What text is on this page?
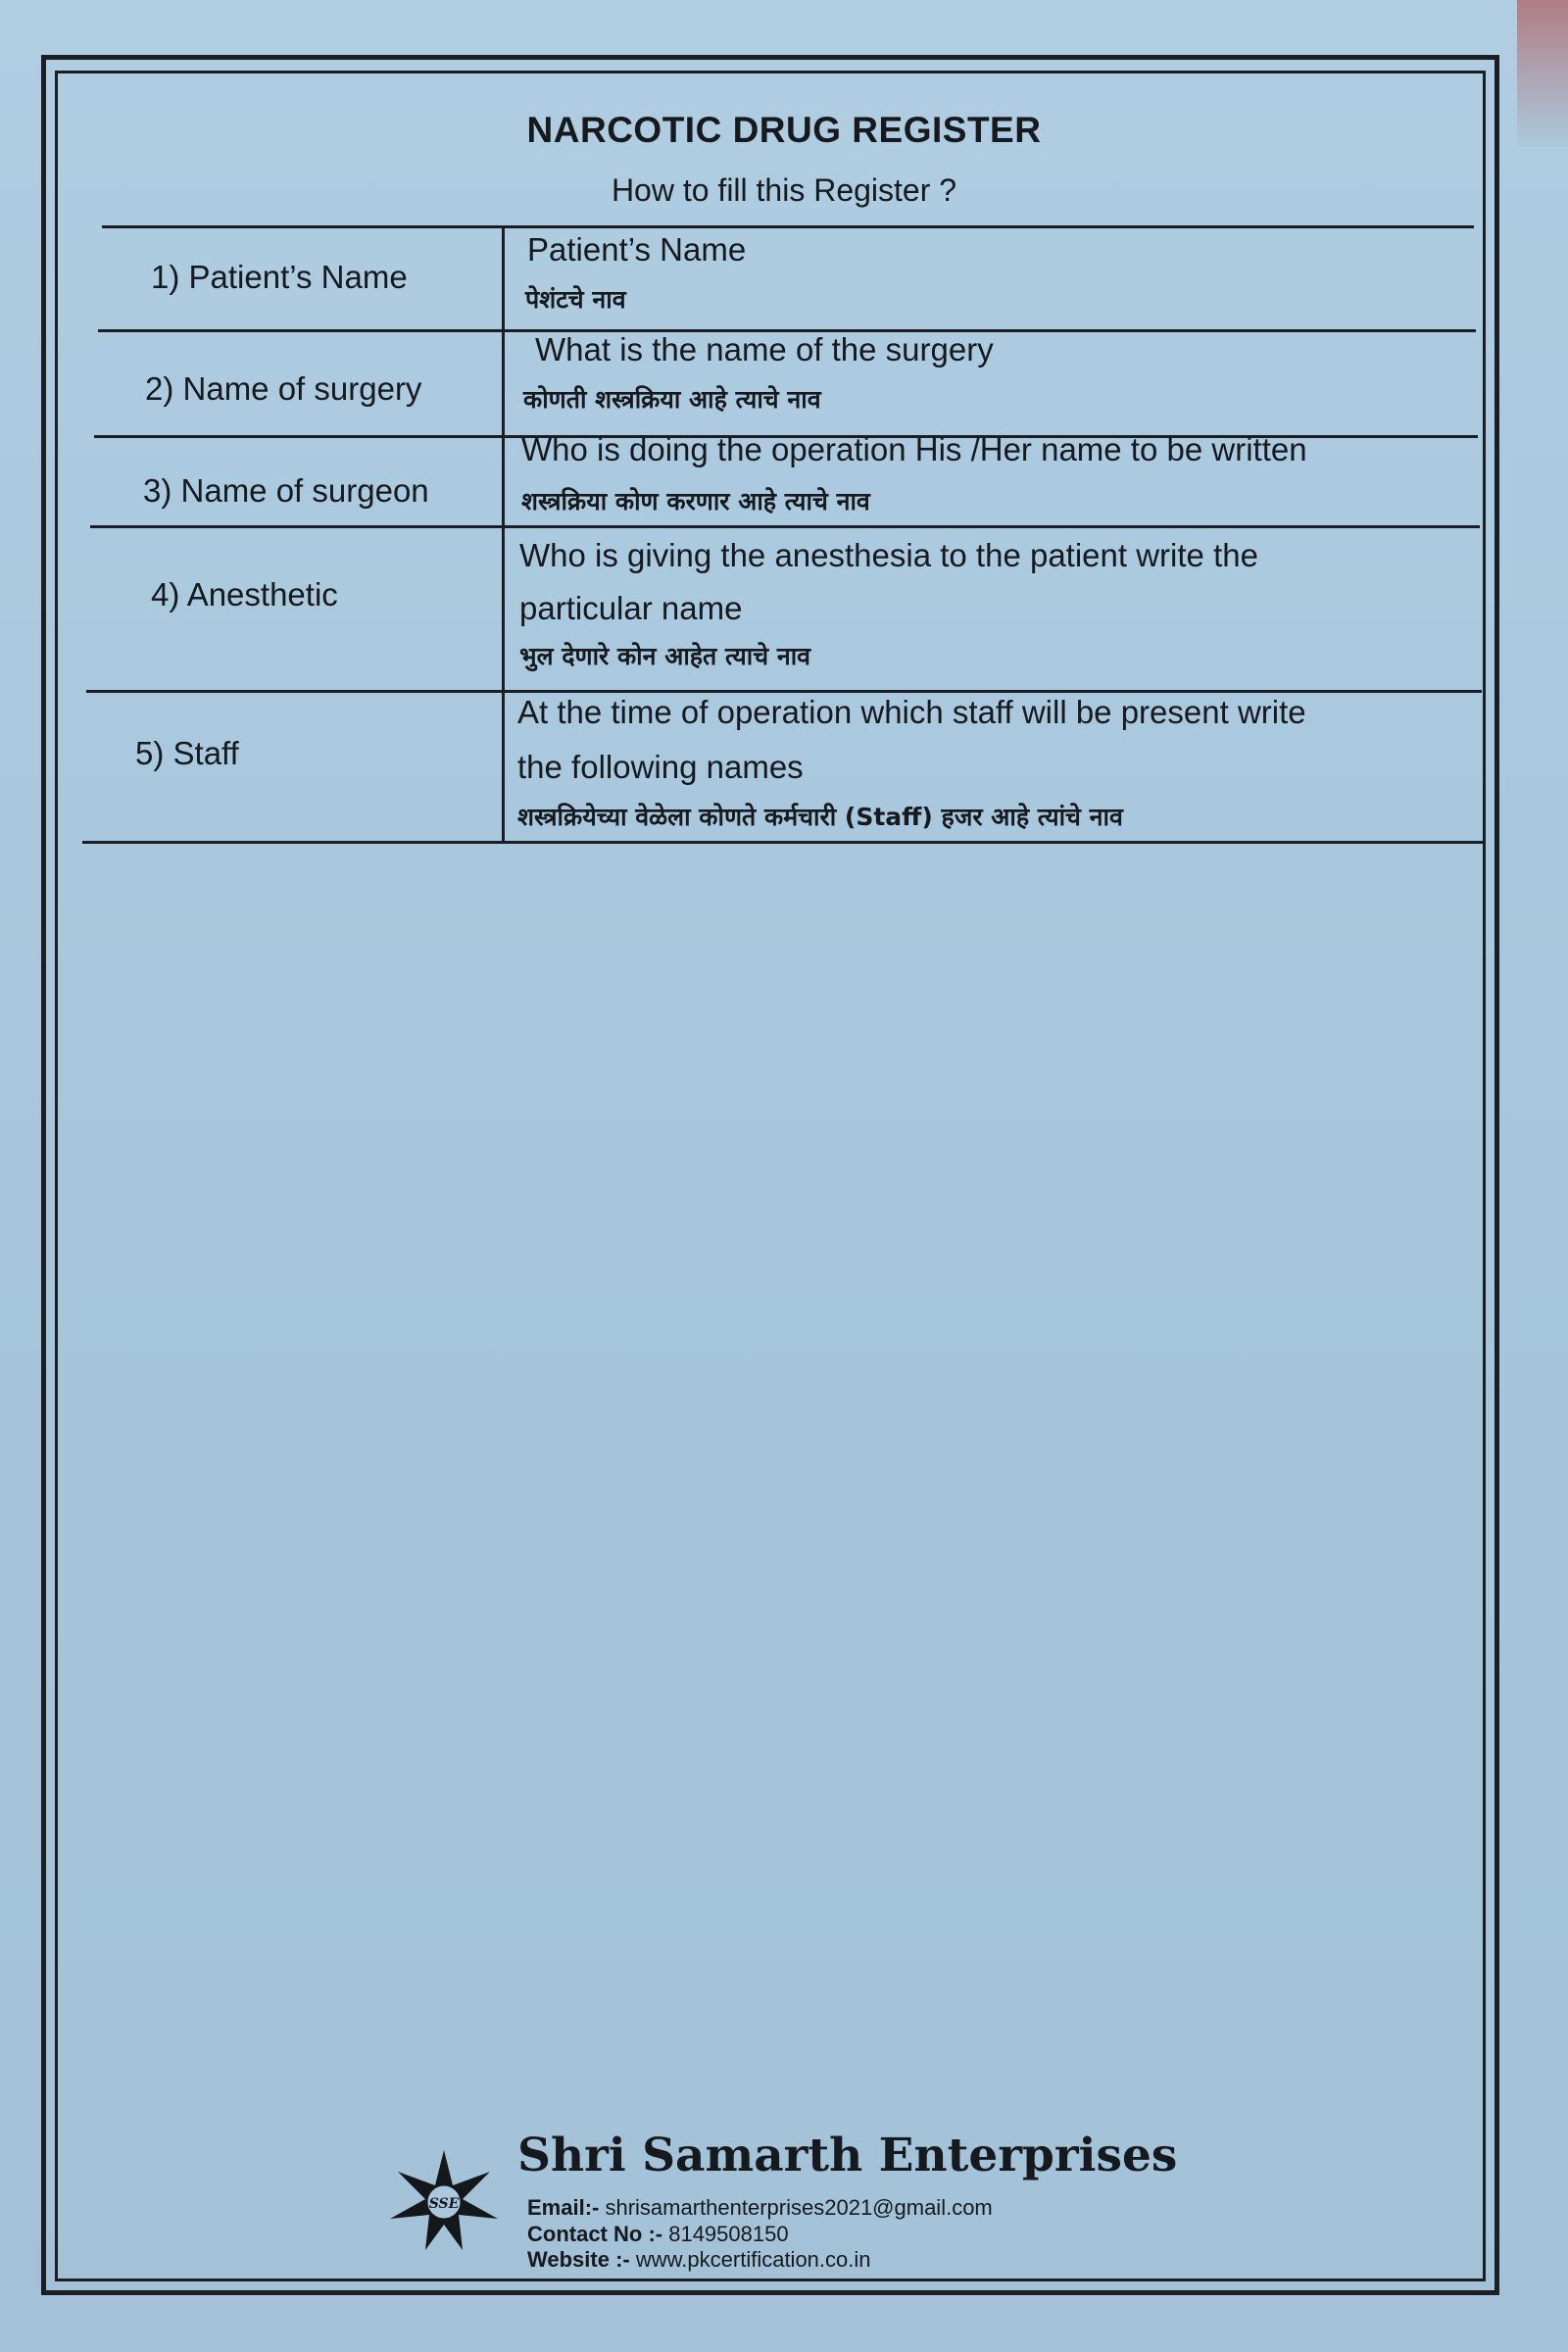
NARCOTIC DRUG REGISTER
How to fill this Register ?
1) Patient’s Name
Patient’s Name
पेशंटचे नाव
2) Name of surgery
What is the name of the surgery
कोणती शस्त्रक्रिया आहे त्याचे नाव
3) Name of surgeon
Who is doing the operation His /Her name to be written
शस्त्रक्रिया कोण करणार आहे त्याचे नाव
4) Anesthetic
Who is giving the anesthesia to the patient write the
particular name
भुल देणारे कोन आहेत त्याचे नाव
5) Staff
At the time of operation which staff will be present write
the following names
शस्त्रक्रियेच्या वेळेला कोणते कर्मचारी (Staff) हजर आहे त्यांचे नाव
SSE
Shri Samarth Enterprises
Email:- shrisamarthenterprises2021@gmail.com
Contact No :- 8149508150
Website :- www.pkcertification.co.in
